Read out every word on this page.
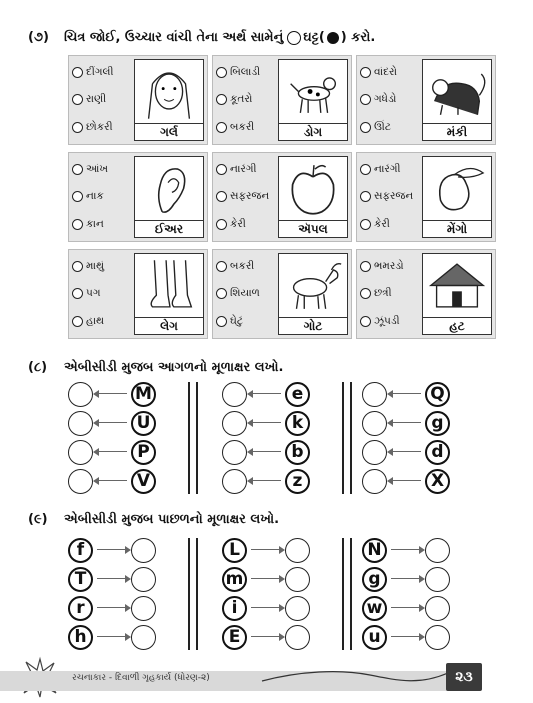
(૭)	ચિત્ર જોઈ, ઉચ્ચાર વાંચી તેના અર્થ સામેનું ઘટ્ટ( ) કરો.
દીંગલી
રાણી
છોકરી	ગર્લ
બિલાડી
કૂતરો
બકરી	ડોગ
વાંદરો
ગધેડો
ઊંટ	મંકી
આંખ
નાક
કાન	ઈઅર
નારંગી
સફરજન
કેરી	ઍપલ
નારંગી
સફરજન
કેરી	મેંગો
માથું
પગ
હાથ	લેગ
બકરી
શિયાળ
ઘેટું	ગોટ
ભમરડો
છત્રી
ઝૂંપડી	હટ
(૮)	એબીસીડી મુજબ આગળનો મૂળાક્ષર લખો.
M
U
P
V
e
k
b
z
Q
g
d
X
(૯)	એબીસીડી મુજબ પાછળનો મૂળાક્ષર લખો.
f
T
r
h
L
m
i
E
N
g
w
u
રચનાકાર - દિવાળી ગૃહકાર્ય (ધોરણ-૨)	૨૩
